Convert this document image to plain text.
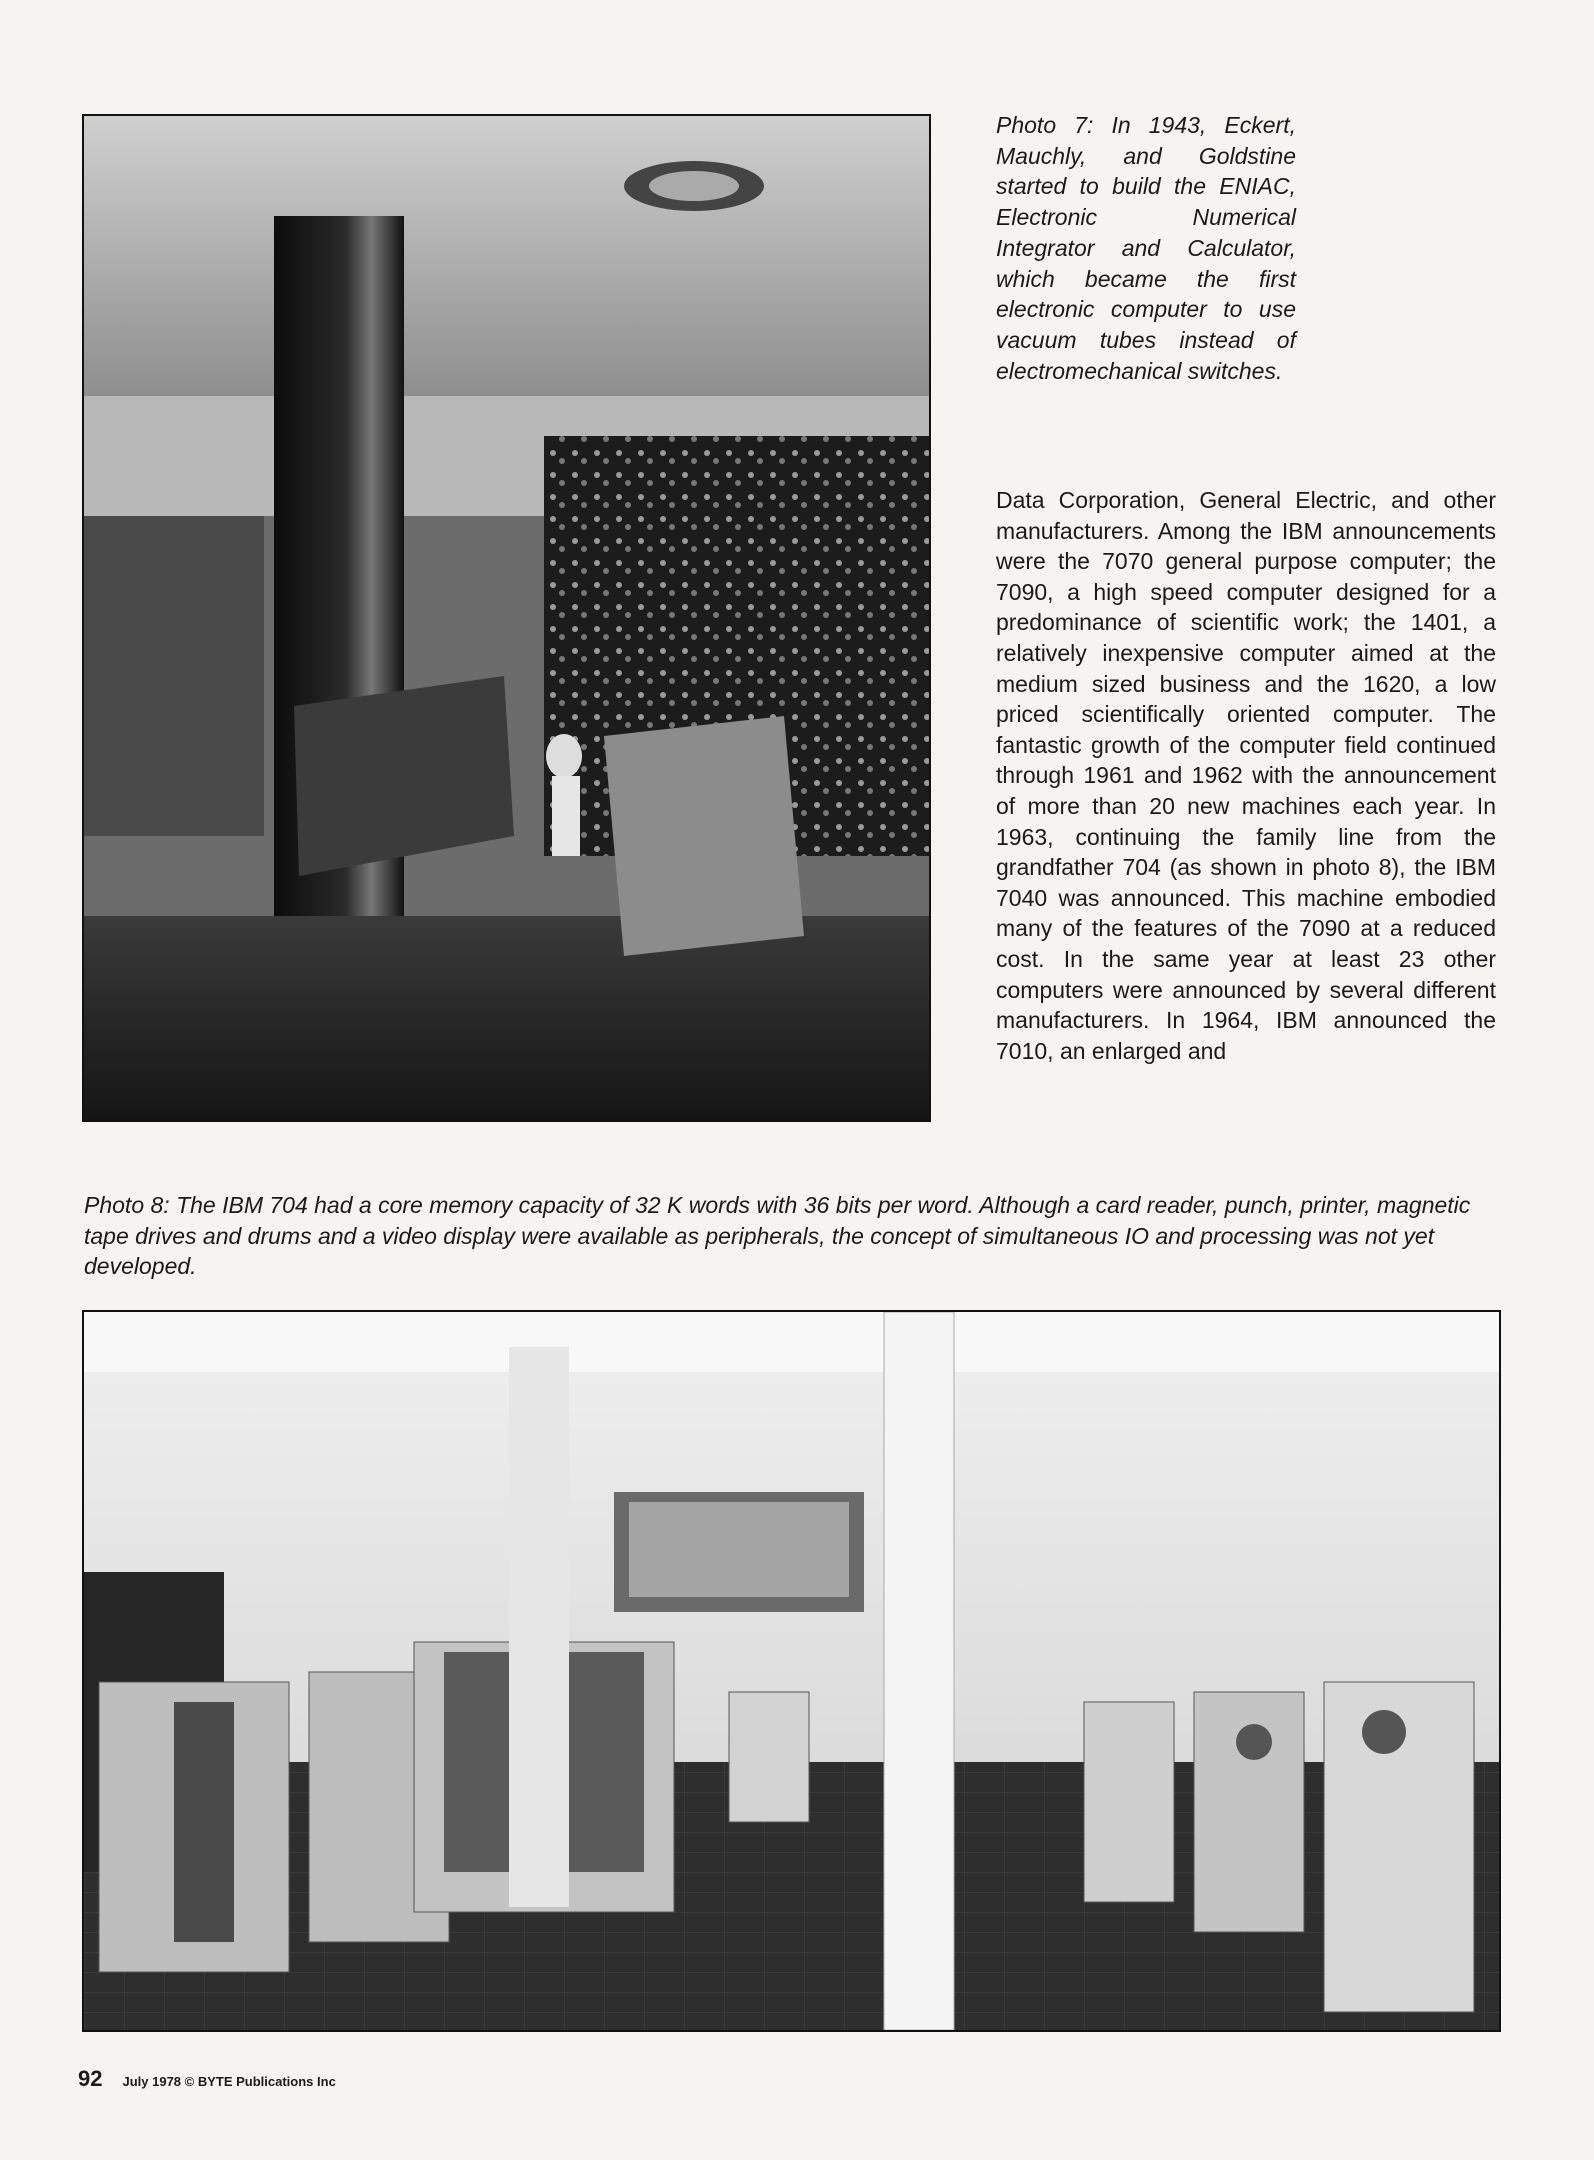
Photo 7: In 1943, Eckert, Mauchly, and Goldstine started to build the ENIAC, Electronic Numerical Integrator and Calculator, which became the first electronic computer to use vacuum tubes instead of electromechanical switches.

Data Corporation, General Electric, and other manufacturers. Among the IBM announcements were the 7070 general purpose computer; the 7090, a high speed computer designed for a predominance of scientific work; the 1401, a relatively inexpensive computer aimed at the medium sized business and the 1620, a low priced scientifically oriented computer. The fantastic growth of the computer field continued through 1961 and 1962 with the announcement of more than 20 new machines each year. In 1963, continuing the family line from the grandfather 704 (as shown in photo 8), the IBM 7040 was announced. This machine embodied many of the features of the 7090 at a reduced cost. In the same year at least 23 other computers were announced by several different manufacturers. In 1964, IBM announced the 7010, an enlarged and

Photo 8: The IBM 704 had a core memory capacity of 32 K words with 36 bits per word. Although a card reader, punch, printer, magnetic tape drives and drums and a video display were available as peripherals, the concept of simultaneous IO and processing was not yet developed.

92 July 1978 © BYTE Publications Inc
